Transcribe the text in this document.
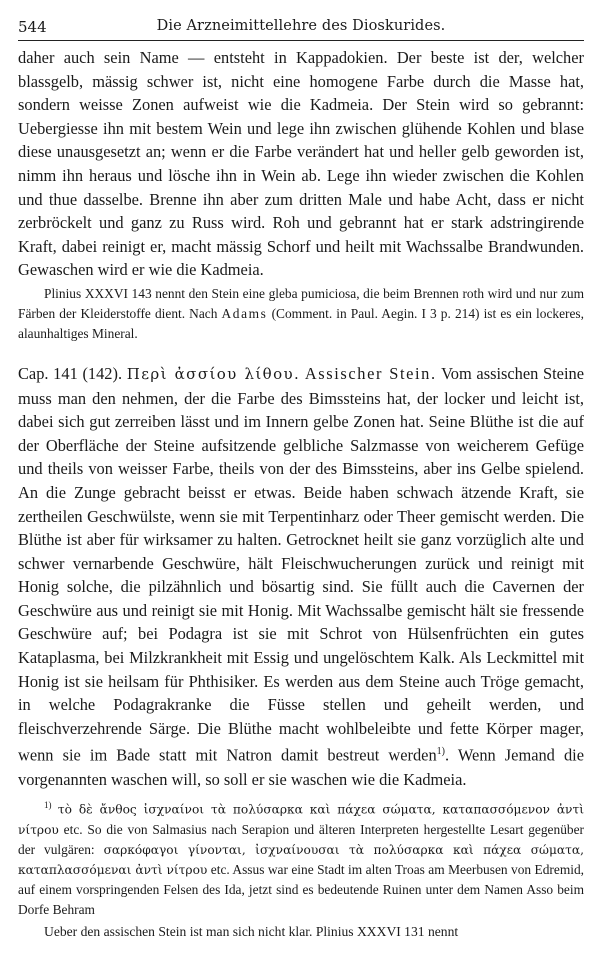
544	Die Arzneimittellehre des Dioskurides.

daher auch sein Name — entsteht in Kappadokien. Der beste ist der, welcher blassgelb, mässig schwer ist, nicht eine homogene Farbe durch die Masse hat, sondern weisse Zonen aufweist wie die Kadmeia. Der Stein wird so gebrannt: Uebergiesse ihn mit bestem Wein und lege ihn zwischen glühende Kohlen und blase diese unausgesetzt an; wenn er die Farbe verändert hat und heller gelb geworden ist, nimm ihn heraus und lösche ihn in Wein ab. Lege ihn wieder zwischen die Kohlen und thue dasselbe. Brenne ihn aber zum dritten Male und habe Acht, dass er nicht zerbröckelt und ganz zu Russ wird. Roh und gebrannt hat er stark adstringirende Kraft, dabei reinigt er, macht mässig Schorf und heilt mit Wachssalbe Brandwunden. Gewaschen wird er wie die Kadmeia.

Plinius XXXVI 143 nennt den Stein eine gleba pumiciosa, die beim Brennen roth wird und nur zum Färben der Kleiderstoffe dient. Nach Adams (Comment. in Paul. Aegin. I 3 p. 214) ist es ein lockeres, alaunhaltiges Mineral.

Cap. 141 (142). Περὶ ἀσσίου λίθου. Assischer Stein. Vom assischen Steine muss man den nehmen, der die Farbe des Bimssteins hat, der locker und leicht ist, dabei sich gut zerreiben lässt und im Innern gelbe Zonen hat. Seine Blüthe ist die auf der Oberfläche der Steine aufsitzende gelbliche Salzmasse von weicherem Gefüge und theils von weisser Farbe, theils von der des Bimssteins, aber ins Gelbe spielend. An die Zunge gebracht beisst er etwas. Beide haben schwach ätzende Kraft, sie zertheilen Geschwülste, wenn sie mit Terpentinharz oder Theer gemischt werden. Die Blüthe ist aber für wirksamer zu halten. Getrocknet heilt sie ganz vorzüglich alte und schwer vernarbende Geschwüre, hält Fleischwucherungen zurück und reinigt mit Honig solche, die pilzähnlich und bösartig sind. Sie füllt auch die Cavernen der Geschwüre aus und reinigt sie mit Honig. Mit Wachssalbe gemischt hält sie fressende Geschwüre auf; bei Podagra ist sie mit Schrot von Hülsenfrüchten ein gutes Kataplasma, bei Milzkrankheit mit Essig und ungelöschtem Kalk. Als Leckmittel mit Honig ist sie heilsam für Phthisiker. Es werden aus dem Steine auch Tröge gemacht, in welche Podagrakranke die Füsse stellen und geheilt werden, und fleischverzehrende Särge. Die Blüthe macht wohlbeleibte und fette Körper mager, wenn sie im Bade statt mit Natron damit bestreut werden$^{1)}$. Wenn Jemand die vorgenannten waschen will, so soll er sie waschen wie die Kadmeia.

$^{1)}$ τὸ δὲ ἄνθος ἰσχναίνοι τὰ πολύσαρκα καὶ πάχεα σώματα, καταπασσόμενον ἀντὶ νίτρου etc. So die von Salmasius nach Serapion und älteren Interpreten hergestellte Lesart gegenüber der vulgären: σαρκόφαγοι γίνονται, ἰσχναίνουσαι τὰ πολύσαρκα καὶ πάχεα σώματα, καταπλασσόμεναι ἀντὶ νίτρου etc. Assus war eine Stadt im alten Troas am Meerbusen von Edremid, auf einem vorspringenden Felsen des Ida, jetzt sind es bedeutende Ruinen unter dem Namen Asso beim Dorfe Behram

Ueber den assischen Stein ist man sich nicht klar. Plinius XXXVI 131 nennt
